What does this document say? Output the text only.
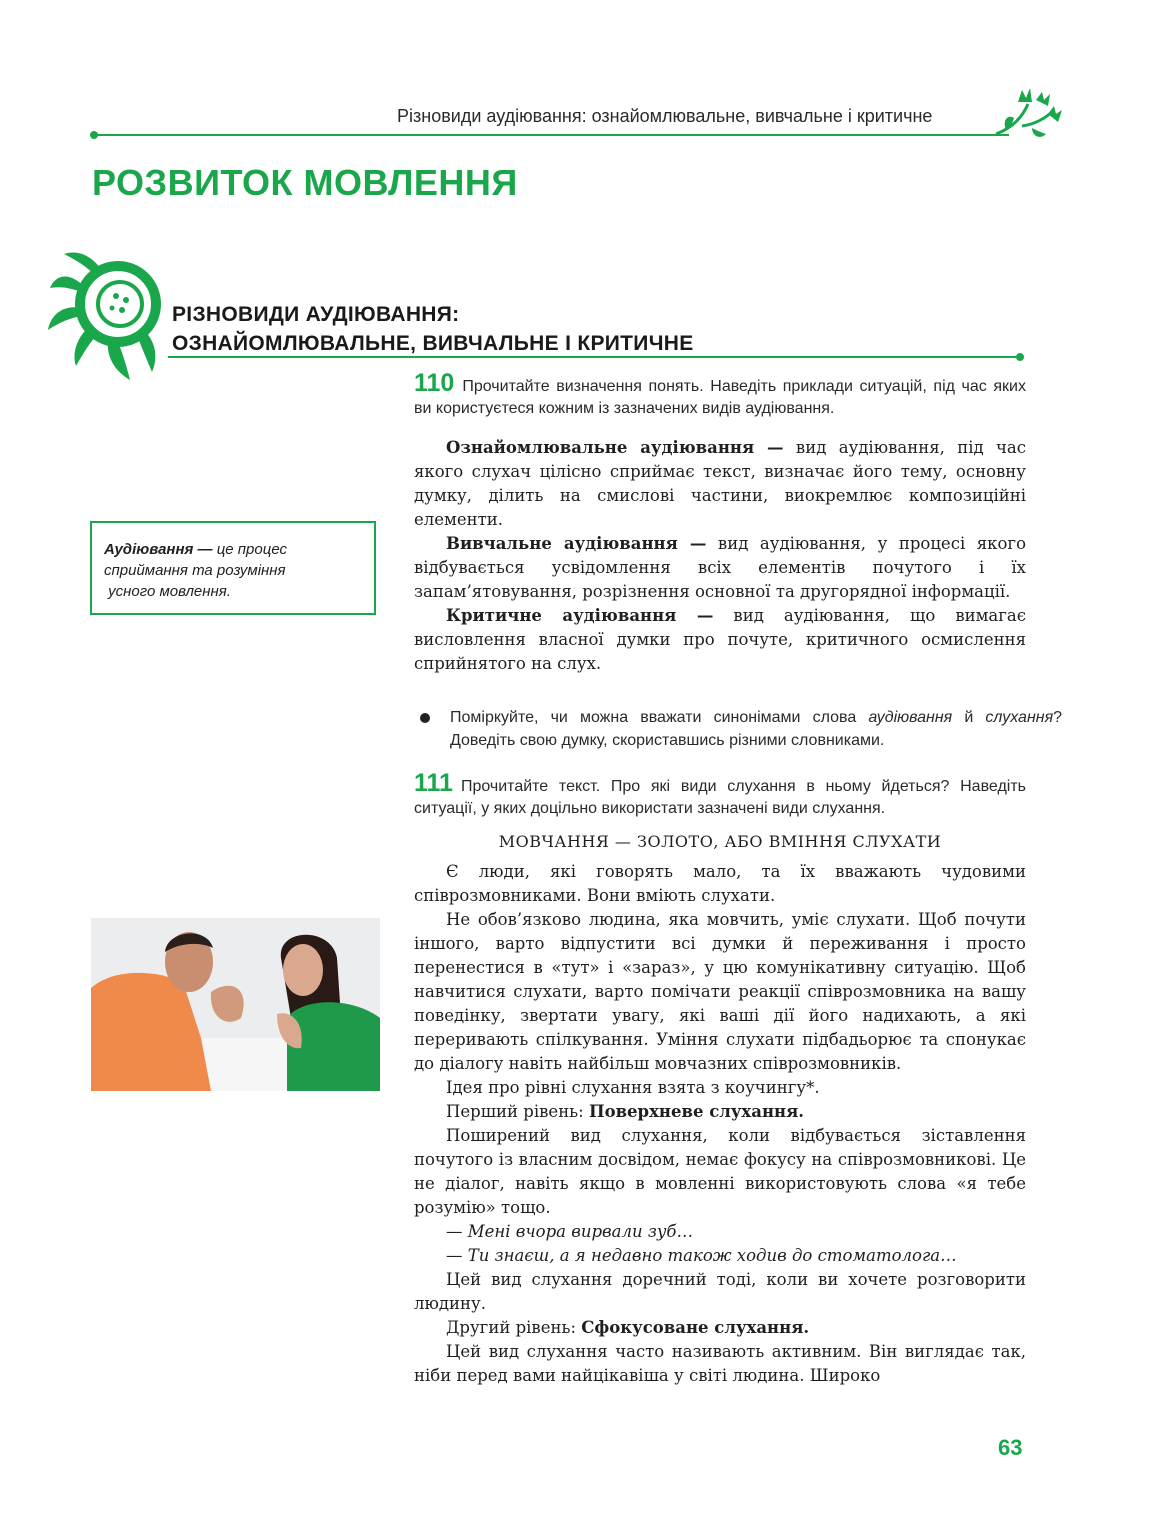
Різновиди аудіювання: ознайомлювальне, вивчальне і критичне
РОЗВИТОК МОВЛЕННЯ
РІЗНОВИДИ АУДІЮВАННЯ:
ОЗНАЙОМЛЮВАЛЬНЕ, ВИВЧАЛЬНЕ І КРИТИЧНЕ
Аудіювання — це процес
сприймання та розуміння
усного мовлення.
110 Прочитайте визначення понять. Наведіть приклади ситуацій, під час яких ви користуєтеся кожним із зазначених видів аудіювання.

Ознайомлювальне аудіювання — вид аудіювання, під час якого слухач цілісно сприймає текст, визначає його тему, основну думку, ділить на смислові частини, виокремлює композиційні елементи.

Вивчальне аудіювання — вид аудіювання, у процесі якого відбувається усвідомлення всіх елементів почутого і їх запам’ятовування, розрізнення основної та другорядної інформації.

Критичне аудіювання — вид аудіювання, що вимагає висловлення власної думки про почуте, критичного осмислення сприйнятого на слух.

Поміркуйте, чи можна вважати синонімами слова аудіювання й слухання? Доведіть свою думку, скориставшись різними словниками.
111 Прочитайте текст. Про які види слухання в ньому йдеться? Наведіть ситуації, у яких доцільно використати зазначені види слухання.

МОВЧАННЯ — ЗОЛОТО, АБО ВМІННЯ СЛУХАТИ

Є люди, які говорять мало, та їх вважають чудовими співрозмовниками. Вони вміють слухати.

Не обов’язково людина, яка мовчить, уміє слухати. Щоб почути іншого, варто відпустити всі думки й переживання і просто перенестися в «тут» і «зараз», у цю комунікативну ситуацію. Щоб навчитися слухати, варто помічати реакції співрозмовника на вашу поведінку, звертати увагу, які ваші дії його надихають, а які переривають спілкування. Уміння слухати підбадьорює та спонукає до діалогу навіть найбільш мовчазних співрозмовників.

Ідея про рівні слухання взята з коучингу*.

Перший рівень: Поверхневе слухання.

Поширений вид слухання, коли відбувається зіставлення почутого із власним досвідом, немає фокусу на співрозмовникові. Це не діалог, навіть якщо в мовленні використовують слова «я тебе розумію» тощо.

— Мені вчора вирвали зуб…

— Ти знаєш, а я недавно також ходив до стоматолога…

Цей вид слухання доречний тоді, коли ви хочете розговорити людину.

Другий рівень: Сфокусоване слухання.

Цей вид слухання часто називають активним. Він виглядає так, ніби перед вами найцікавіша у світі людина. Широко

63
